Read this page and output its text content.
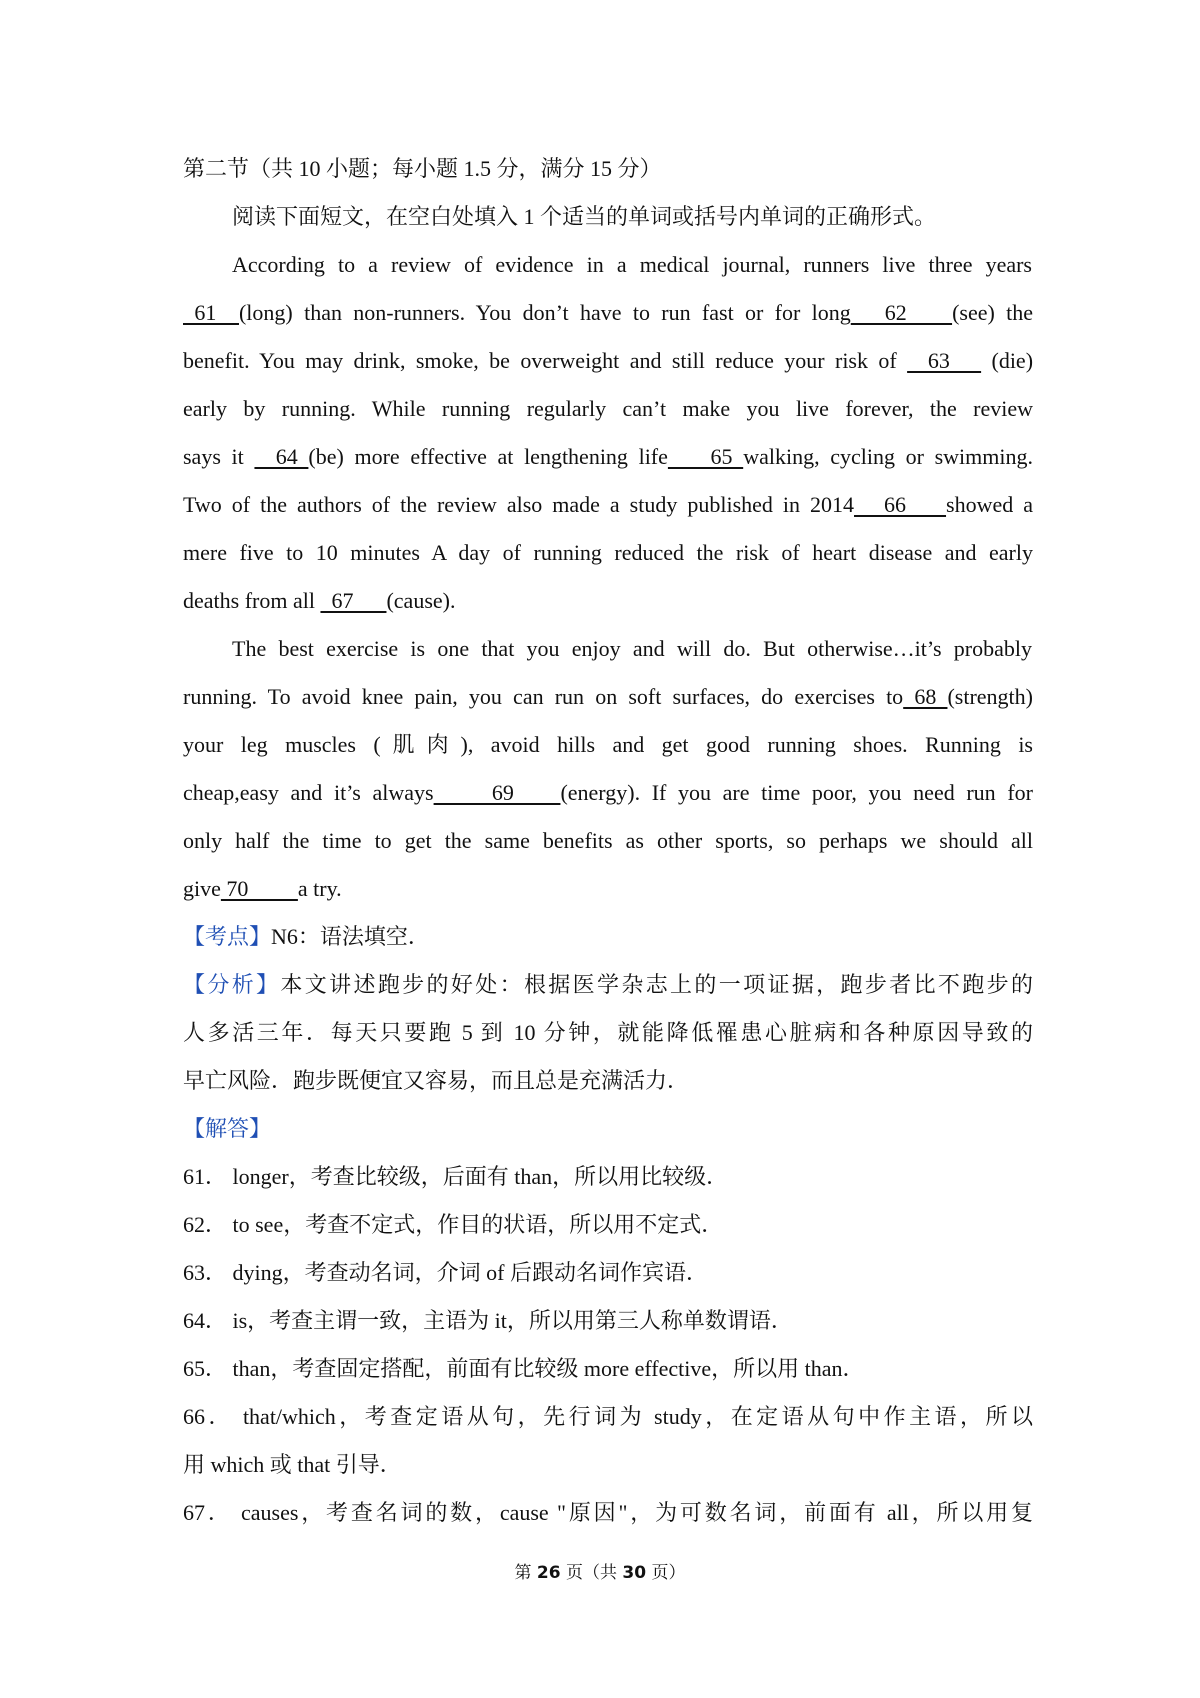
第二节（共 10 小题；每小题 1.5 分，满分 15 分）
阅读下面短文，在空白处填入 1 个适当的单词或括号内单词的正确形式。
According to a review of evidence in a medical journal, runners live three years
61  (long) than non-runners. You don’t have to run fast or for long   62    (see) the
benefit. You may drink, smoke, be overweight and still reduce your risk of   63    (die)
early by running. While running regularly can’t make you live forever, the review
says it   64 (be) more effective at lengthening life    65 walking, cycling or swimming.
Two of the authors of the review also made a study published in 2014   66    showed a
mere five to 10 minutes A day of running reduced the risk of heart disease and early
deaths from all   67      (cause).
The best exercise is one that you enjoy and will do. But otherwise…it’s probably
running. To avoid knee pain, you can run on soft surfaces, do exercises to 68 (strength)
your leg muscles (肌肉), avoid hills and get good running shoes. Running is
cheap,easy and it’s always     69    (energy). If you are time poor, you need run for
only half the time to get the same benefits as other sports, so perhaps we should all
give 70         a try.
【考点】N6：语法填空．
【分析】本文讲述跑步的好处：根据医学杂志上的一项证据，跑步者比不跑步的
人多活三年．每天只要跑 5 到 10 分钟，就能降低罹患心脏病和各种原因导致的
早亡风险．跑步既便宜又容易，而且总是充满活力．
【解答】
61． longer，考查比较级，后面有 than，所以用比较级．
62． to see，考查不定式，作目的状语，所以用不定式．
63． dying，考查动名词，介词 of 后跟动名词作宾语．
64． is，考查主谓一致，主语为 it，所以用第三人称单数谓语．
65． than，考查固定搭配，前面有比较级 more effective，所以用 than．
66． that/which，考查定语从句，先行词为 study，在定语从句中作主语，所以
用 which 或 that 引导．
67． causes，考查名词的数，cause "原因"，为可数名词，前面有 all，所以用复
第 26 页（共 30 页）
